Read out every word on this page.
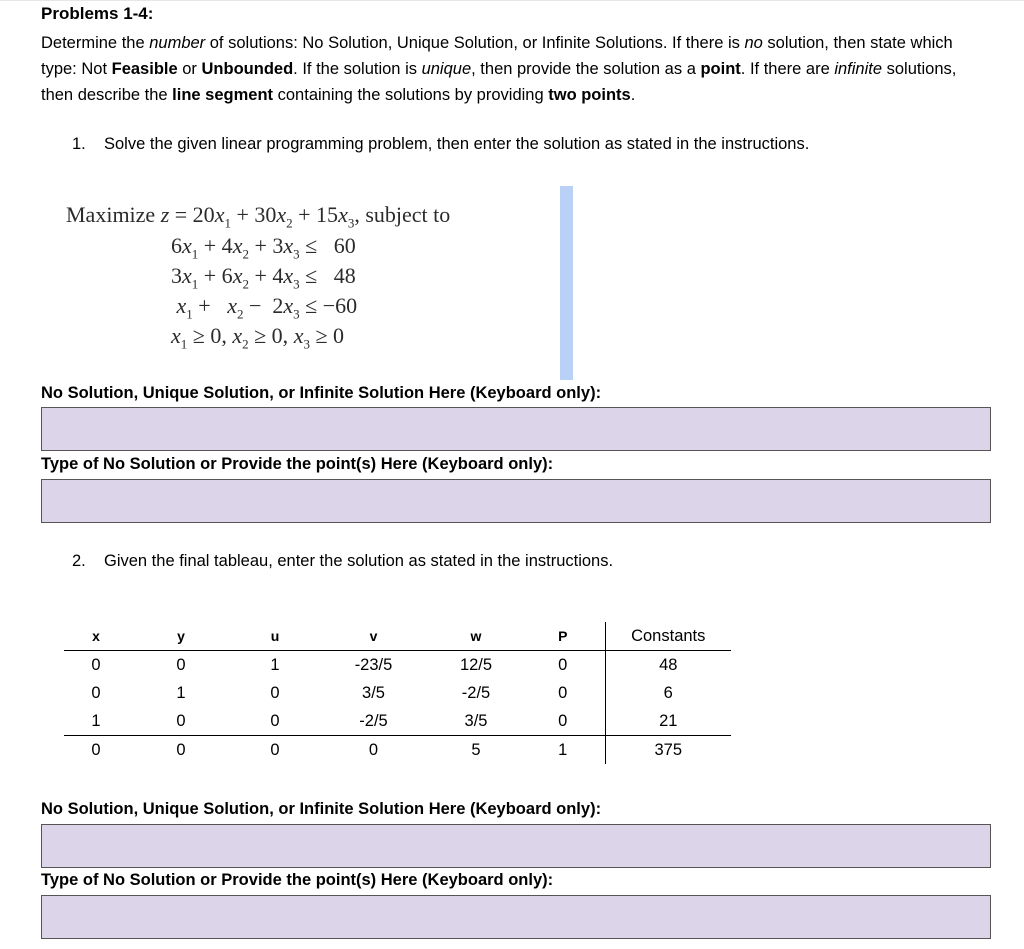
Problems 1-4:
Determine the number of solutions: No Solution, Unique Solution, or Infinite Solutions. If there is no solution, then state which type: Not Feasible or Unbounded. If the solution is unique, then provide the solution as a point. If there are infinite solutions, then describe the line segment containing the solutions by providing two points.
1. Solve the given linear programming problem, then enter the solution as stated in the instructions.
Maximize $z = 20x_1 + 30x_2 + 15x_3$, subject to
$6x_1 + 4x_2 + 3x_3 \le 60$
$3x_1 + 6x_2 + 4x_3 \le 48$
$x_1 + x_2 - 2x_3 \le -60$
$x_1 \ge 0$, $x_2 \ge 0$, $x_3 \ge 0$
No Solution, Unique Solution, or Infinite Solution Here (Keyboard only):
Type of No Solution or Provide the point(s) Here (Keyboard only):
2. Given the final tableau, enter the solution as stated in the instructions.
x	y	u	v	w	P	Constants
0	0	1	-23/5	12/5	0	48
0	1	0	3/5	-2/5	0	6
1	0	0	-2/5	3/5	0	21
0	0	0	0	5	1	375
No Solution, Unique Solution, or Infinite Solution Here (Keyboard only):
Type of No Solution or Provide the point(s) Here (Keyboard only):
